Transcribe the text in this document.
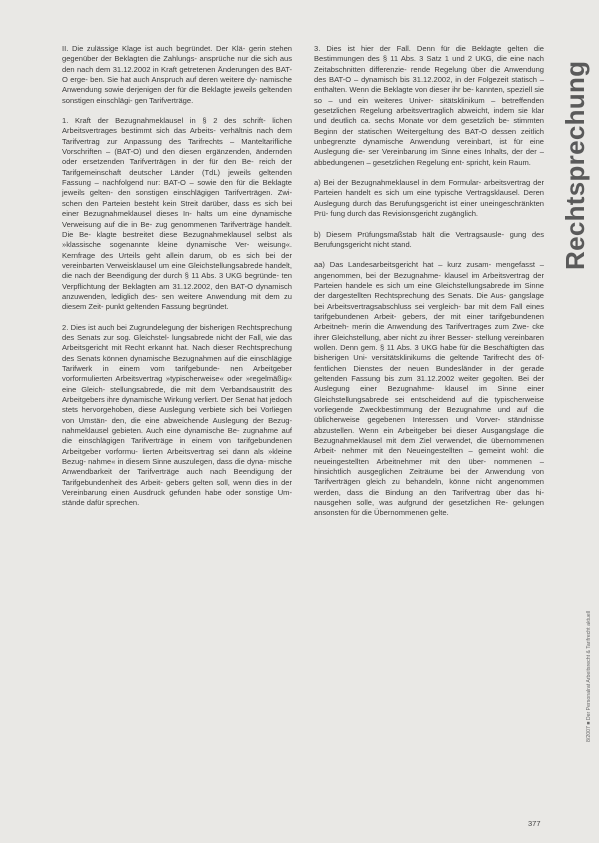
II. Die zulässige Klage ist auch begründet. Der Klä- gerin stehen gegenüber der Beklagten die Zahlungs- ansprüche nur die sich aus den nach dem 31.12.2002 in Kraft getretenen Änderungen des BAT-O erge- ben. Sie hat auch Anspruch auf deren weitere dy- namische Anwendung sowie derjenigen der für die Beklagte jeweils geltenden sonstigen einschlägi- gen Tarifverträge.

1. Kraft der Bezugnahmeklausel in § 2 des schrift- lichen Arbeitsvertrages bestimmt sich das Arbeits- verhältnis nach dem Tarifvertrag zur Anpassung des Tarifrechts – Manteltarifliche Vorschriften – (BAT-O) und den diesen ergänzenden, ändernden oder ersetzenden Tarifverträgen in der für den Be- reich der Tarifgemeinschaft deutscher Länder (TdL) jeweils geltenden Fassung – nachfolgend nur: BAT-O – sowie den für die Beklagte jeweils gelten- den sonstigen einschlägigen Tarifverträgen. Zwi- schen den Parteien besteht kein Streit darüber, dass es sich bei einer Bezugnahmeklausel dieses In- halts um eine dynamische Verweisung auf die in Be- zug genommenen Tarifverträge handelt. Die Be- klagte bestreitet diese Bezugnahmeklausel selbst als »klassische sogenannte kleine dynamische Ver- weisung«. Kernfrage des Urteils geht allein darum, ob es sich bei der vereinbarten Verweisklausel um eine Gleichstellungsabrede handelt, die nach der Beendigung der durch § 11 Abs. 3 UKG begründe- ten Verpflichtung der Beklagten am 31.12.2002, den BAT-O dynamisch anzuwenden, lediglich des- sen weitere Anwendung mit dem zu diesem Zeit- punkt geltenden Fassung begründet.

2. Dies ist auch bei Zugrundelegung der bisherigen Rechtsprechung des Senats zur sog. Gleichstel- lungsabrede nicht der Fall, wie das Arbeitsgericht mit Recht erkannt hat. Nach dieser Rechtsprechung des Senats können dynamische Bezugnahmen auf die einschlägige Tarifwerk in einem vom tarifgebunde- nen Arbeitgeber vorformulierten Arbeitsvertrag »typischerweise« oder »regelmäßig« eine Gleich- stellungsabrede, die mit dem Verbandsaustritt des Arbeitgebers ihre dynamische Wirkung verliert. Der Senat hat jedoch stets hervorgehoben, diese Auslegung verbiete sich bei Vorliegen von Umstän- den, die eine abweichende Auslegung der Bezug- nahmeklausel gebieten. Auch eine dynamische Be- zugnahme auf die einschlägigen Tarifverträge in einem von tarifgebundenen Arbeitgeber vorformu- lierten Arbeitsvertrag sei dann als »kleine Bezug- nahme« in diesem Sinne auszulegen, dass die dyna- mische Anwendbarkeit der Tarifverträge auch nach Beendigung der Tarifgebundenheit des Arbeit- gebers gelten soll, wenn dies in der Vereinbarung einen Ausdruck gefunden habe oder sonstige Um- stände dafür sprechen.

3. Dies ist hier der Fall. Denn für die Beklagte gelten die Bestimmungen des § 11 Abs. 3 Satz 1 und 2 UKG, die eine nach Zeitabschnitten differenzie- rende Regelung über die Anwendung des BAT-O – dynamisch bis 31.12.2002, in der Folgezeit statisch – enthalten. Wenn die Beklagte von dieser ihr be- kannten, speziell sie so – und ein weiteres Univer- sitätsklinikum – betreffenden gesetzlichen Regelung arbeitsvertraglich abweicht, indem sie klar und deutlich ca. sechs Monate vor dem gesetzlich be- stimmten Beginn der statischen Weitergeltung des BAT-O dessen zeitlich unbegrenzte dynamische Anwendung vereinbart, ist für eine Auslegung die- ser Vereinbarung im Sinne eines Inhalts, der der – abbedungenen – gesetzlichen Regelung ent- spricht, kein Raum.

a) Bei der Bezugnahmeklausel in dem Formular- arbeitsvertrag der Parteien handelt es sich um eine typische Vertragsklausel. Deren Auslegung durch das Berufungsgericht ist einer uneingeschränkten Prü- fung durch das Revisionsgericht zugänglich.

b) Diesem Prüfungsmaßstab hält die Vertragsausle- gung des Berufungsgericht nicht stand.

aa) Das Landesarbeitsgericht hat – kurz zusam- mengefasst – angenommen, bei der Bezugnahme- klausel im Arbeitsvertrag der Parteien handele es sich um eine Gleichstellungsabrede im Sinne der dargestellten Rechtsprechung des Senats. Die Aus- gangslage bei Arbeitsvertragsabschluss sei vergleich- bar mit dem Fall eines tarifgebundenen Arbeit- gebers, der mit einer tarifgebundenen Arbeitneh- merin die Anwendung des Tarifvertrages zum Zwe- cke ihrer Gleichstellung, aber nicht zu ihrer Besser- stellung vereinbaren wollen. Denn gem. § 11 Abs. 3 UKG habe für die Beschäftigten das bisherigen Uni- versitätsklinikums die geltende Tarifrecht des öf- fentlichen Dienstes der neuen Bundesländer in der gerade geltenden Fassung bis zum 31.12.2002 weiter gegolten. Bei der Auslegung einer Bezugnahme- klausel im Sinne einer Gleichstellungsabrede sei entscheidend auf die typischerweise vorliegende Zweckbestimmung der Bezugnahme und auf die üblicherweise gegebenen Interessen und Vorver- ständnisse abzustellen. Wenn ein Arbeitgeber bei dieser Ausgangslage die Bezugnahmeklausel mit dem Ziel verwendet, die übernommenen Arbeit- nehmer mit den Neueingestellten – gemeint wohl: die neueingestellten Arbeitnehmer mit den über- nommenen – hinsichtlich ausgeglichen Zeiträume bei der Anwendung von Tarifverträgen gleich zu behandeln, könne nicht angenommen werden, dass die Bindung an den Tarifvertrag über das hi- nausgehen solle, was aufgrund der gesetzlichen Re- gelungen ansonsten für die Übernommenen gelte.

Rechtsprechung
8/2007 ■ Der Personalrat Arbeitsrecht & Tarifrecht aktuell
377
